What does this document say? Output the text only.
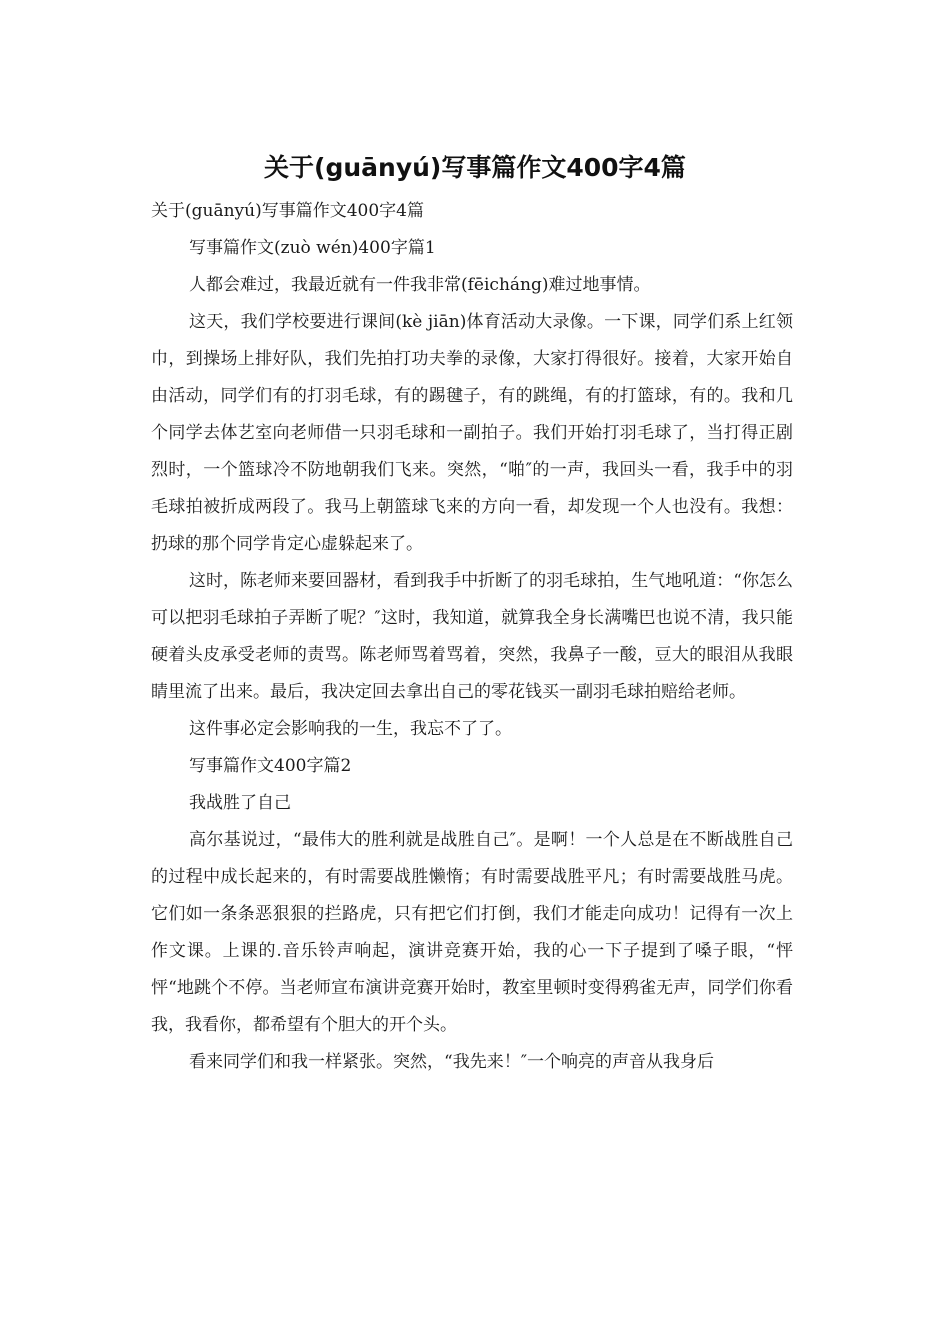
关于(guānyú)写事篇作文400字4篇

关于(guānyú)写事篇作文400字4篇

写事篇作文(zuò wén)400字篇1

人都会难过，我最近就有一件我非常(fēicháng)难过地事情。

这天，我们学校要进行课间(kè jiān)体育活动大录像。一下课，同学们系上红领巾，到操场上排好队，我们先拍打功夫拳的录像，大家打得很好。接着，大家开始自由活动，同学们有的打羽毛球，有的踢毽子，有的跳绳，有的打篮球，有的。我和几个同学去体艺室向老师借一只羽毛球和一副拍子。我们开始打羽毛球了，当打得正剧烈时，一个篮球冷不防地朝我们飞来。突然，“啪″的一声，我回头一看，我手中的羽毛球拍被折成两段了。我马上朝篮球飞来的方向一看，却发现一个人也没有。我想：扔球的那个同学肯定心虚躲起来了。

这时，陈老师来要回器材，看到我手中折断了的羽毛球拍，生气地吼道：“你怎么可以把羽毛球拍子弄断了呢？″这时，我知道，就算我全身长满嘴巴也说不清，我只能硬着头皮承受老师的责骂。陈老师骂着骂着，突然，我鼻子一酸，豆大的眼泪从我眼睛里流了出来。最后，我决定回去拿出自己的零花钱买一副羽毛球拍赔给老师。

这件事必定会影响我的一生，我忘不了了。

写事篇作文400字篇2

我战胜了自己

高尔基说过，“最伟大的胜利就是战胜自己″。是啊！一个人总是在不断战胜自己的过程中成长起来的，有时需要战胜懒惰；有时需要战胜平凡；有时需要战胜马虎。它们如一条条恶狠狠的拦路虎，只有把它们打倒，我们才能走向成功！记得有一次上作文课。上课的.音乐铃声响起，演讲竞赛开始，我的心一下子提到了嗓子眼，“怦怦“地跳个不停。当老师宣布演讲竞赛开始时，教室里顿时变得鸦雀无声，同学们你看我，我看你，都希望有个胆大的开个头。

看来同学们和我一样紧张。突然，“我先来！″一个响亮的声音从我身后
